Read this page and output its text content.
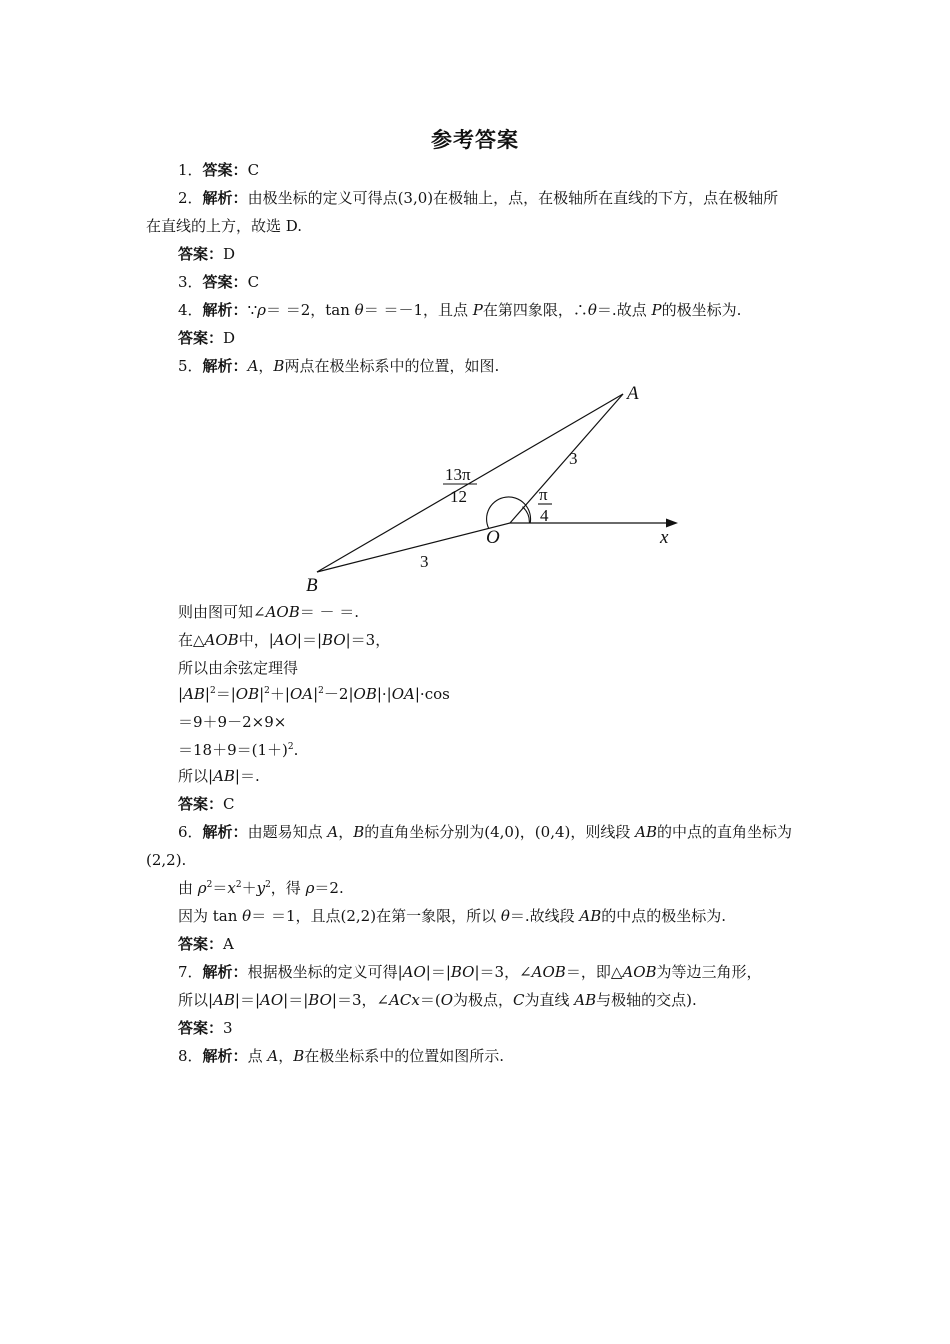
参考答案
1．答案：C
2．解析：由极坐标的定义可得点(3,0)在极轴上，点，在极轴所在直线的下方，点在极轴所
在直线的上方，故选 D.
答案：D
3．答案：C
4．解析：∵ρ＝ ＝2，tan θ＝ ＝－1，且点 P在第四象限，∴θ＝.故点 P的极坐标为.
答案：D
5．解析：A，B两点在极坐标系中的位置，如图.
A
B
O	x
3
3
13π
12	π
4
则由图可知∠AOB＝ － ＝.
在△AOB中，|AO|＝|BO|＝3，
所以由余弦定理得
$|AB|^2=|OB|^2+|OA|^2-2|OB|\cdot|OA|\cdot\cos$
＝9＋9－2×9×
$=18+9=(1+)^2$.
所以|AB|＝.
答案：C
6．解析：由题易知点 A，B的直角坐标分别为(4,0)，(0,4)，则线段 AB的中点的直角坐标为
(2,2).
由 $\rho^2=x^2+y^2$，得 ρ＝2.
因为 tan θ＝ ＝1，且点(2,2)在第一象限，所以 θ＝.故线段 AB的中点的极坐标为.
答案：A
7．解析：根据极坐标的定义可得|AO|＝|BO|＝3，∠AOB＝，即△AOB为等边三角形，
所以|AB|＝|AO|＝|BO|＝3，∠ACx＝(O为极点，C为直线 AB与极轴的交点).
答案：3
8．解析：点 A，B在极坐标系中的位置如图所示.
